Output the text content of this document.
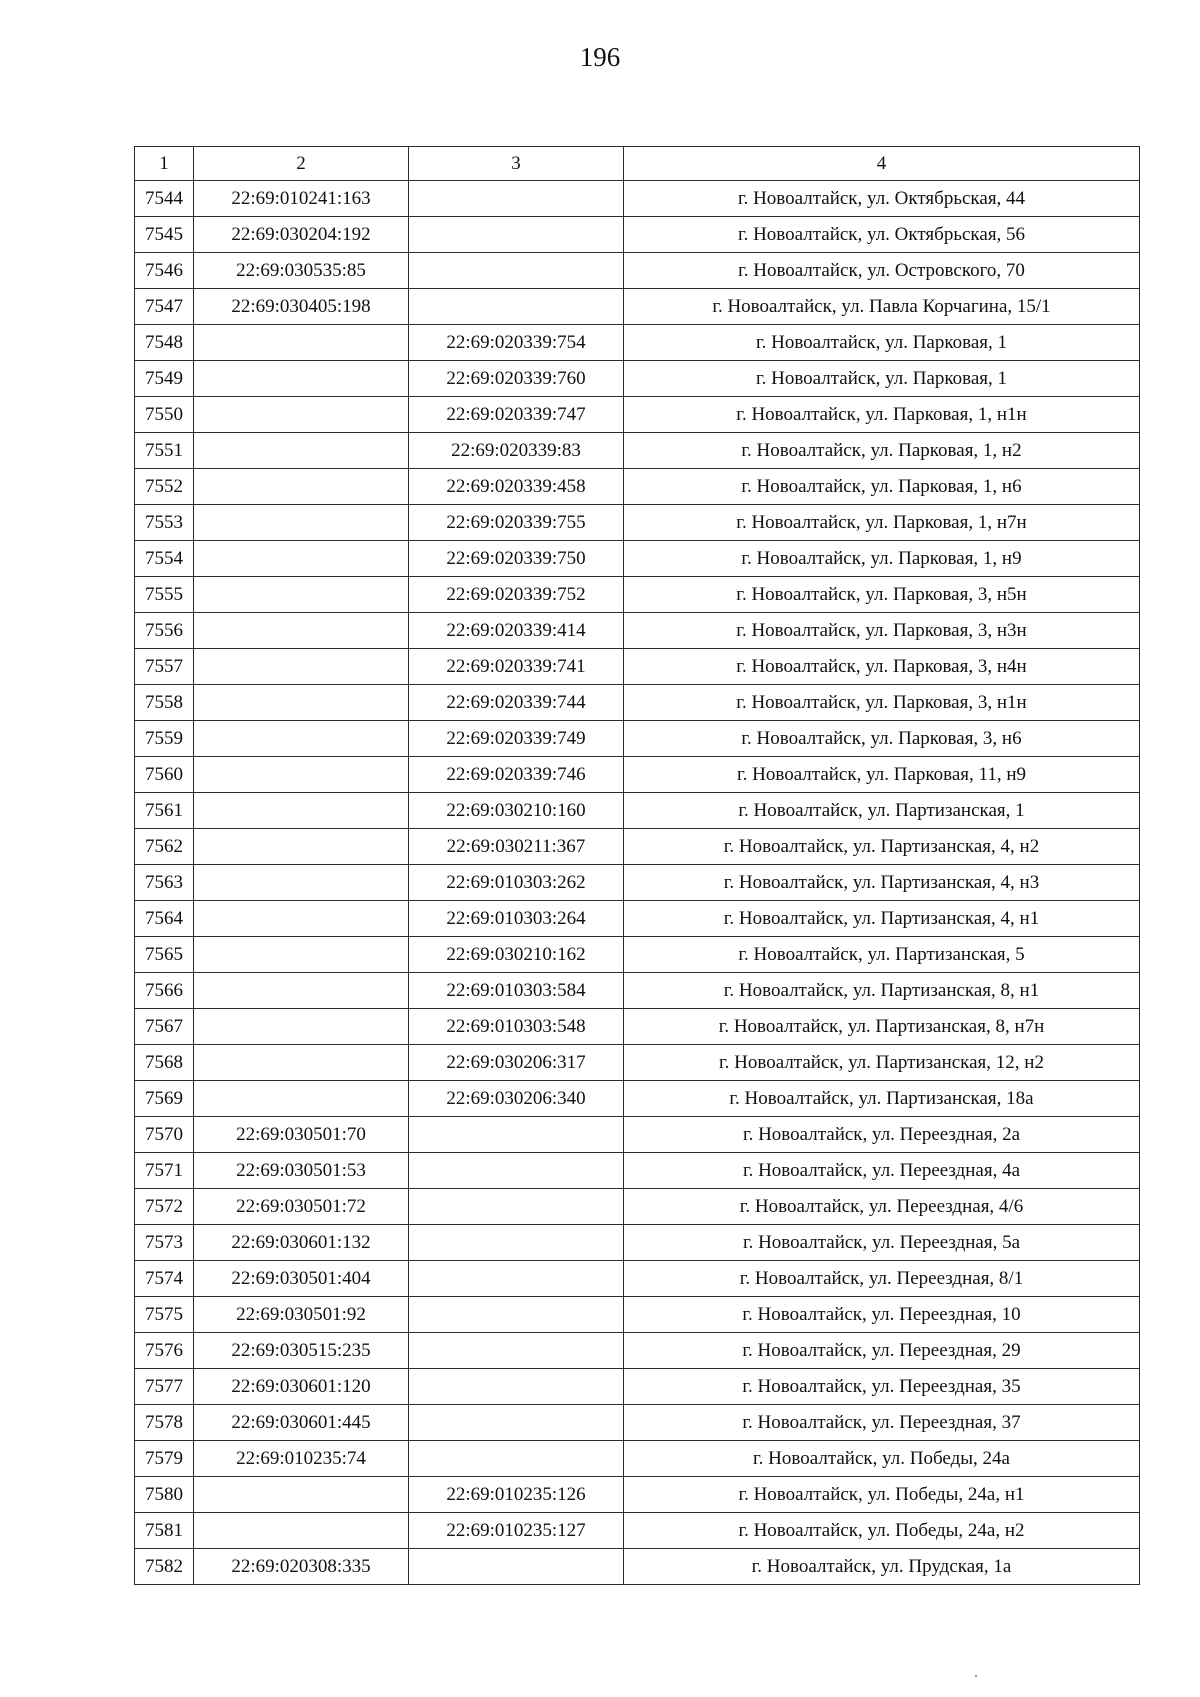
196
1	2	3	4
7544	22:69:010241:163		г. Новоалтайск, ул. Октябрьская, 44
7545	22:69:030204:192		г. Новоалтайск, ул. Октябрьская, 56
7546	22:69:030535:85		г. Новоалтайск, ул. Островского, 70
7547	22:69:030405:198		г. Новоалтайск, ул. Павла Корчагина, 15/1
7548		22:69:020339:754	г. Новоалтайск, ул. Парковая, 1
7549		22:69:020339:760	г. Новоалтайск, ул. Парковая, 1
7550		22:69:020339:747	г. Новоалтайск, ул. Парковая, 1, н1н
7551		22:69:020339:83	г. Новоалтайск, ул. Парковая, 1, н2
7552		22:69:020339:458	г. Новоалтайск, ул. Парковая, 1, н6
7553		22:69:020339:755	г. Новоалтайск, ул. Парковая, 1, н7н
7554		22:69:020339:750	г. Новоалтайск, ул. Парковая, 1, н9
7555		22:69:020339:752	г. Новоалтайск, ул. Парковая, 3, н5н
7556		22:69:020339:414	г. Новоалтайск, ул. Парковая, 3, н3н
7557		22:69:020339:741	г. Новоалтайск, ул. Парковая, 3, н4н
7558		22:69:020339:744	г. Новоалтайск, ул. Парковая, 3, н1н
7559		22:69:020339:749	г. Новоалтайск, ул. Парковая, 3, н6
7560		22:69:020339:746	г. Новоалтайск, ул. Парковая, 11, н9
7561		22:69:030210:160	г. Новоалтайск, ул. Партизанская, 1
7562		22:69:030211:367	г. Новоалтайск, ул. Партизанская, 4, н2
7563		22:69:010303:262	г. Новоалтайск, ул. Партизанская, 4, н3
7564		22:69:010303:264	г. Новоалтайск, ул. Партизанская, 4, н1
7565		22:69:030210:162	г. Новоалтайск, ул. Партизанская, 5
7566		22:69:010303:584	г. Новоалтайск, ул. Партизанская, 8, н1
7567		22:69:010303:548	г. Новоалтайск, ул. Партизанская, 8, н7н
7568		22:69:030206:317	г. Новоалтайск, ул. Партизанская, 12, н2
7569		22:69:030206:340	г. Новоалтайск, ул. Партизанская, 18а
7570	22:69:030501:70		г. Новоалтайск, ул. Переездная, 2а
7571	22:69:030501:53		г. Новоалтайск, ул. Переездная, 4а
7572	22:69:030501:72		г. Новоалтайск, ул. Переездная, 4/6
7573	22:69:030601:132		г. Новоалтайск, ул. Переездная, 5а
7574	22:69:030501:404		г. Новоалтайск, ул. Переездная, 8/1
7575	22:69:030501:92		г. Новоалтайск, ул. Переездная, 10
7576	22:69:030515:235		г. Новоалтайск, ул. Переездная, 29
7577	22:69:030601:120		г. Новоалтайск, ул. Переездная, 35
7578	22:69:030601:445		г. Новоалтайск, ул. Переездная, 37
7579	22:69:010235:74		г. Новоалтайск, ул. Победы, 24а
7580		22:69:010235:126	г. Новоалтайск, ул. Победы, 24а, н1
7581		22:69:010235:127	г. Новоалтайск, ул. Победы, 24а, н2
7582	22:69:020308:335		г. Новоалтайск, ул. Прудская, 1а
